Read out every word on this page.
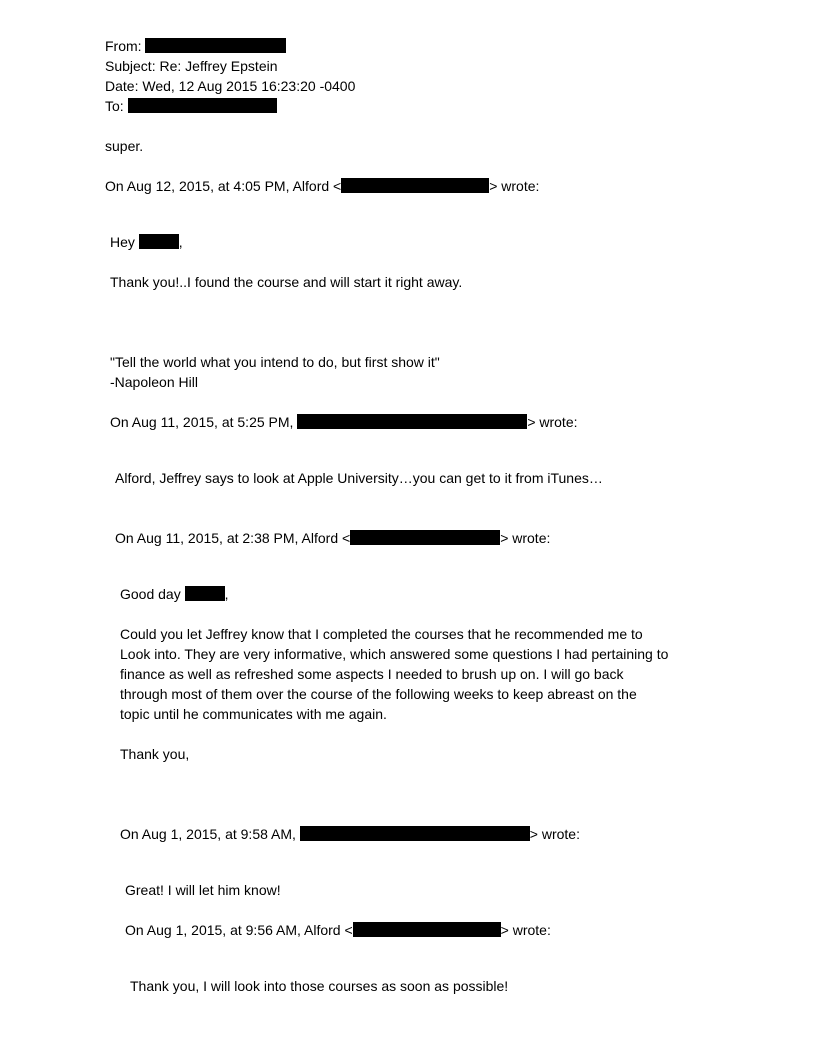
From:
Subject: Re: Jeffrey Epstein
Date: Wed, 12 Aug 2015 16:23:20 -0400
To:
super.
On Aug 12, 2015, at 4:05 PM, Alford <	> wrote:
Hey	,
Thank you!..I found the course and will start it right away.
"Tell the world what you intend to do, but first show it"
-Napoleon Hill
On Aug 11, 2015, at 5:25 PM,	> wrote:
Alford, Jeffrey says to look at Apple University…you can get to it from iTunes…
On Aug 11, 2015, at 2:38 PM, Alford <	> wrote:
Good day	,
Could you let Jeffrey know that I completed the courses that he recommended me to
Look into. They are very informative, which answered some questions I had pertaining to
finance as well as refreshed some aspects I needed to brush up on. I will go back
through most of them over the course of the following weeks to keep abreast on the
topic until he communicates with me again.
Thank you,
On Aug 1, 2015, at 9:58 AM,	> wrote:
Great! I will let him know!
On Aug 1, 2015, at 9:56 AM, Alford <	> wrote:
Thank you, I will look into those courses as soon as possible!
